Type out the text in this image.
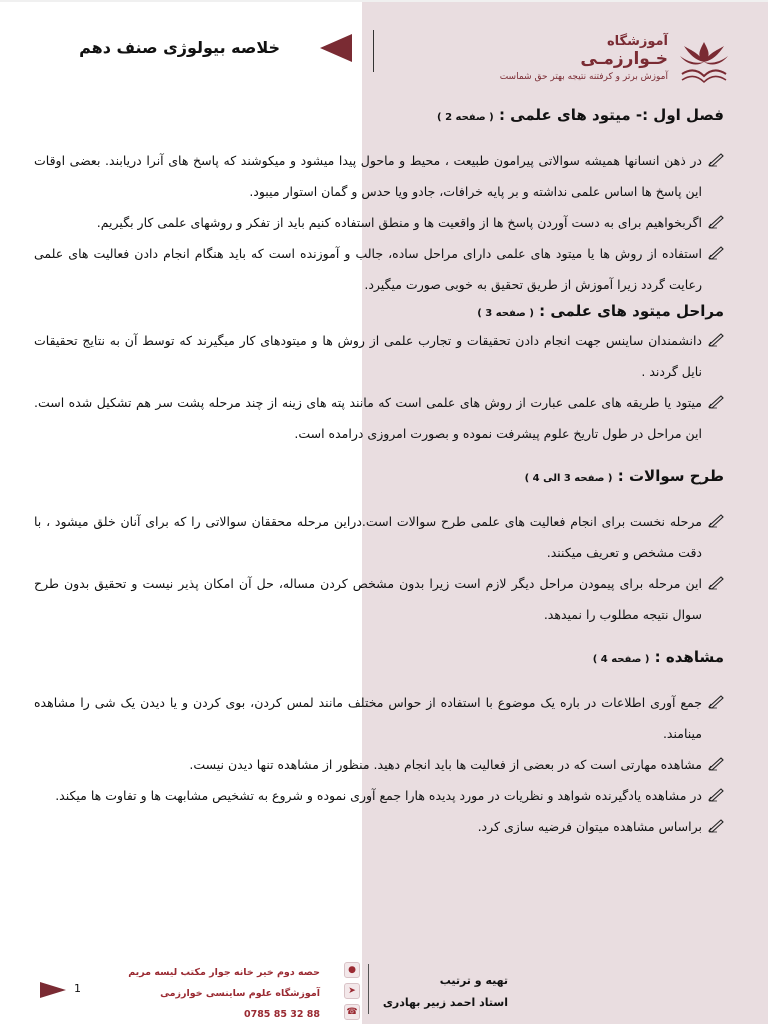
آموزشگاه
خـوارزمـی
آموزش برتر و کرفتنه نتیجه بهتر حق شماست
خلاصه بیولوژی صنف دهم
فصل اول :- میتود های علمی : ( صفحه 2 )
در ذهن انسانها همیشه سوالاتی پیرامون طبیعت ، محیط و ماحول پیدا میشود و میکوشند که پاسخ های آنرا دریابند. بعضی اوقات این پاسخ ها اساس علمی نداشته و بر پایه خرافات، جادو ویا حدس و گمان استوار میبود.
اگربخواهیم برای به دست آوردن پاسخ ها از واقعیت ها و منطق استفاده کنیم باید از تفکر و روشهای علمی کار بگیریم.
استفاده از روش ها یا میتود های علمی دارای مراحل ساده، جالب و آموزنده است که باید هنگام انجام دادن فعالیت های علمی رعایت گردد زیرا آموزش از طریق تحقیق به خوبی صورت میگیرد.
مراحل میتود های علمی : ( صفحه 3 )
دانشمندان ساینس جهت انجام دادن تحقیقات و تجارب علمی از روش ها و میتودهای کار میگیرند که توسط آن به نتایج تحقیقات نایل گردند .
میتود یا طریقه های علمی عبارت از روش های علمی است که مانند پته های زینه از چند مرحله پشت سر هم تشکیل شده است. این مراحل در طول تاریخ علوم پیشرفت نموده و بصورت امروزی درامده است.
طرح سوالات : ( صفحه 3 الی 4 )
مرحله نخست برای انجام فعالیت های علمی طرح سوالات است.دراین مرحله محققان سوالاتی را که برای آنان خلق میشود ، با دقت مشخص و تعریف میکنند.
این مرحله برای پیمودن مراحل دیگر لازم است زیرا بدون مشخص کردن مساله، حل آن امکان پذیر نیست و تحقیق بدون طرح سوال نتیجه مطلوب را نمیدهد.
مشاهده : ( صفحه 4 )
جمع آوری اطلاعات در باره یک موضوع با استفاده از حواس مختلف مانند لمس کردن، بوی کردن و یا دیدن یک شی را مشاهده مینامند.
مشاهده مهارتی است که در بعضی از فعالیت ها باید انجام دهید. منظور از مشاهده تنها دیدن نیست.
در مشاهده یادگیرنده شواهد و نظریات در مورد پدیده هارا جمع آوری نموده و شروع به تشخیص مشابهت ها و تفاوت ها میکند.
براساس مشاهده میتوان فرضیه سازی کرد.
1
حصه دوم خیر خانه جوار مکتب لیسه مریم
آموزشگاه علوم ساینسی خوارزمی
0785 85 32 88
●
➤
☎
تهیه و ترتیب
استاد احمد زبیر بهادری
